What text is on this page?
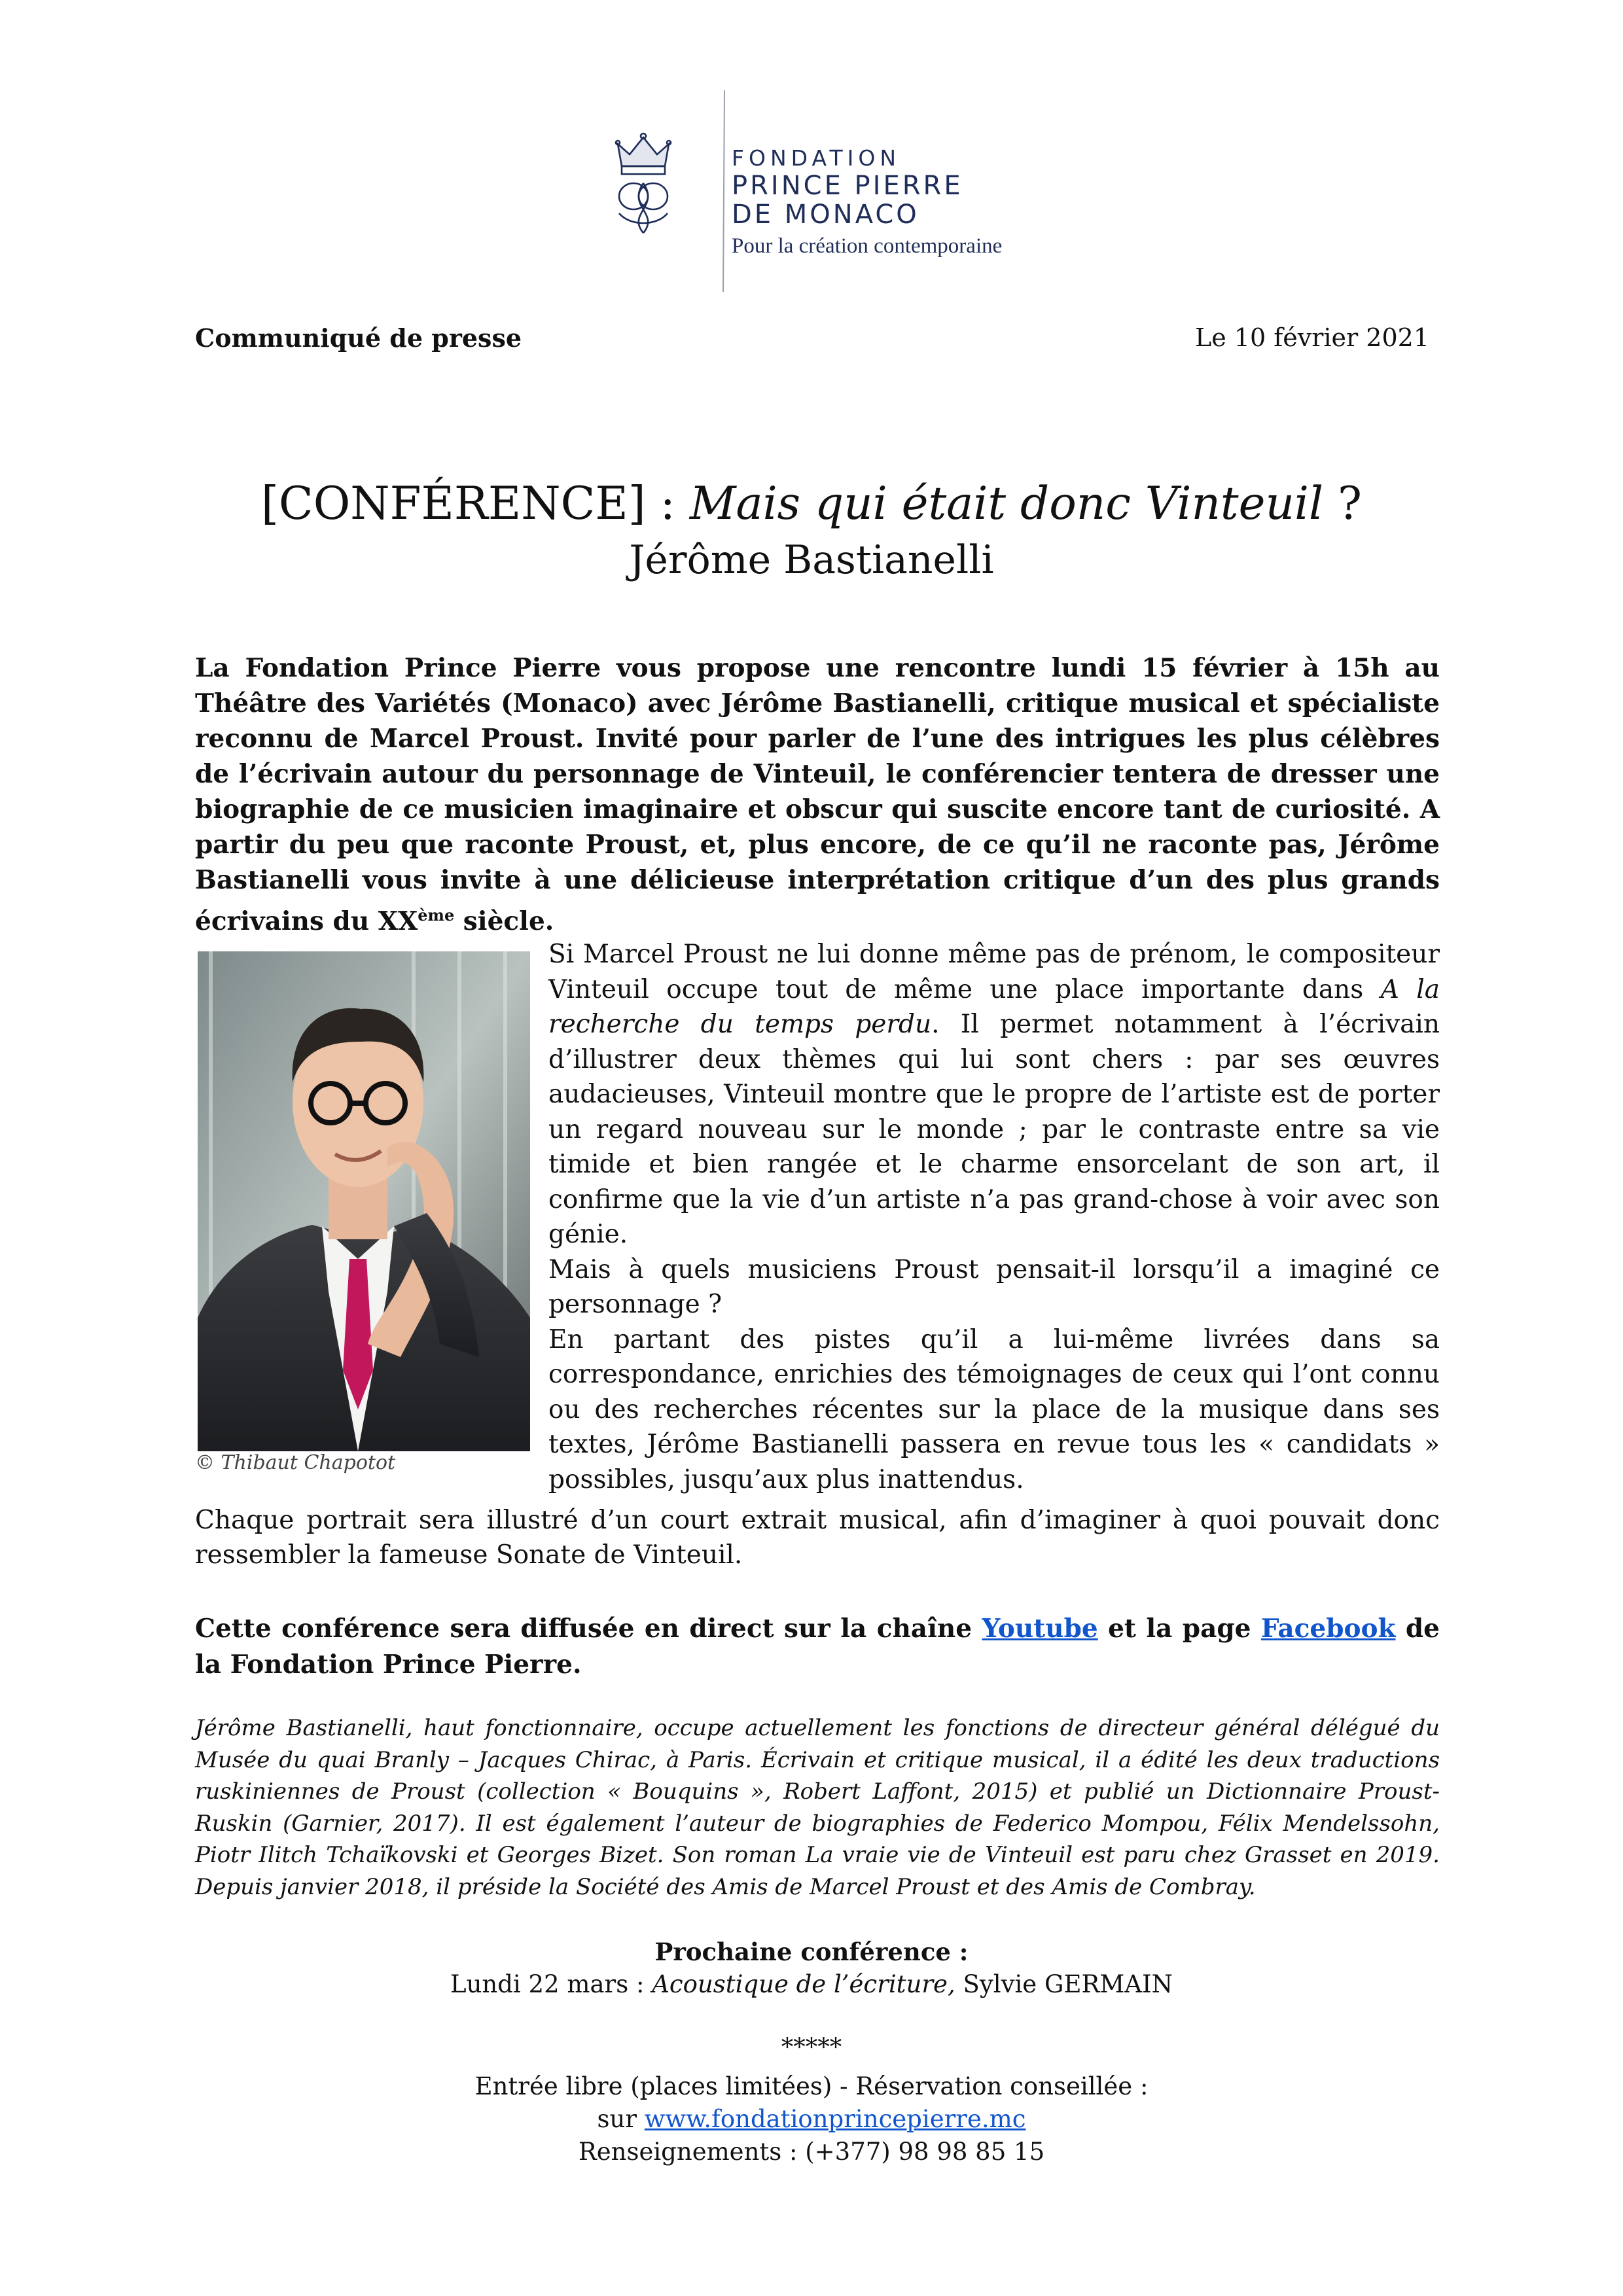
FONDATION
PRINCE PIERRE
DE MONACO
Pour la création contemporaine
Communiqué de presse	Le 10 février 2021
[CONFÉRENCE] : Mais qui était donc Vinteuil ?
Jérôme Bastianelli
La Fondation Prince Pierre vous propose une rencontre lundi 15 février à 15h au Théâtre des Variétés (Monaco) avec Jérôme Bastianelli, critique musical et spécialiste reconnu de Marcel Proust. Invité pour parler de l’une des intrigues les plus célèbres de l’écrivain autour du personnage de Vinteuil, le conférencier tentera de dresser une biographie de ce musicien imaginaire et obscur qui suscite encore tant de curiosité. A partir du peu que raconte Proust, et, plus encore, de ce qu’il ne raconte pas, Jérôme Bastianelli vous invite à une délicieuse interprétation critique d’un des plus grands écrivains du XXème siècle.
© Thibaut Chapotot

Si Marcel Proust ne lui donne même pas de prénom, le compositeur Vinteuil occupe tout de même une place importante dans A la recherche du temps perdu. Il permet notamment à l’écrivain d’illustrer deux thèmes qui lui sont chers : par ses œuvres audacieuses, Vinteuil montre que le propre de l’artiste est de porter un regard nouveau sur le monde ; par le contraste entre sa vie timide et bien rangée et le charme ensorcelant de son art, il confirme que la vie d’un artiste n’a pas grand-chose à voir avec son génie.

Mais à quels musiciens Proust pensait-il lorsqu’il a imaginé ce personnage ?

En partant des pistes qu’il a lui-même livrées dans sa correspondance, enrichies des témoignages de ceux qui l’ont connu ou des recherches récentes sur la place de la musique dans ses textes, Jérôme Bastianelli passera en revue tous les « candidats » possibles, jusqu’aux plus inattendus.

Chaque portrait sera illustré d’un court extrait musical, afin d’imaginer à quoi pouvait donc ressembler la fameuse Sonate de Vinteuil.
Cette conférence sera diffusée en direct sur la chaîne Youtube et la page Facebook de la Fondation Prince Pierre.
Jérôme Bastianelli, haut fonctionnaire, occupe actuellement les fonctions de directeur général délégué du Musée du quai Branly – Jacques Chirac, à Paris. Écrivain et critique musical, il a édité les deux traductions ruskiniennes de Proust (collection « Bouquins », Robert Laffont, 2015) et publié un Dictionnaire Proust-Ruskin (Garnier, 2017). Il est également l’auteur de biographies de Federico Mompou, Félix Mendelssohn, Piotr Ilitch Tchaïkovski et Georges Bizet. Son roman La vraie vie de Vinteuil est paru chez Grasset en 2019. Depuis janvier 2018, il préside la Société des Amis de Marcel Proust et des Amis de Combray.
Prochaine conférence :
Lundi 22 mars : Acoustique de l’écriture, Sylvie GERMAIN
*****
Entrée libre (places limitées) - Réservation conseillée :
sur www.fondationprincepierre.mc
Renseignements : (+377) 98 98 85 15
